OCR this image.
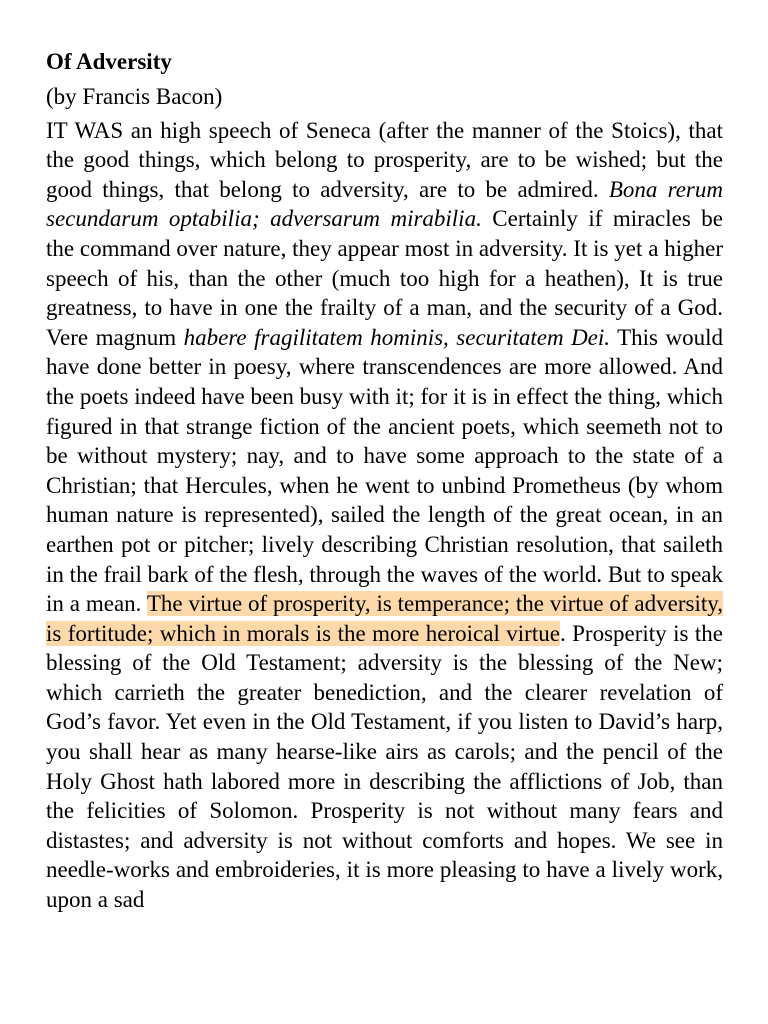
Of Adversity

(by Francis Bacon)

IT WAS an high speech of Seneca (after the manner of the Stoics), that the good things, which belong to prosperity, are to be wished; but the good things, that belong to adversity, are to be admired. Bona rerum secundarum optabilia; adversarum mirabilia. Certainly if miracles be the command over nature, they appear most in adversity. It is yet a higher speech of his, than the other (much too high for a heathen), It is true greatness, to have in one the frailty of a man, and the security of a God. Vere magnum habere fragilitatem hominis, securitatem Dei. This would have done better in poesy, where transcendences are more allowed. And the poets indeed have been busy with it; for it is in effect the thing, which figured in that strange fiction of the ancient poets, which seemeth not to be without mystery; nay, and to have some approach to the state of a Christian; that Hercules, when he went to unbind Prometheus (by whom human nature is represented), sailed the length of the great ocean, in an earthen pot or pitcher; lively describing Christian resolution, that saileth in the frail bark of the flesh, through the waves of the world. But to speak in a mean. The virtue of prosperity, is temperance; the virtue of adversity, is fortitude; which in morals is the more heroical virtue. Prosperity is the blessing of the Old Testament; adversity is the blessing of the New; which carrieth the greater benediction, and the clearer revelation of God’s favor. Yet even in the Old Testament, if you listen to David’s harp, you shall hear as many hearse-like airs as carols; and the pencil of the Holy Ghost hath labored more in describing the afflictions of Job, than the felicities of Solomon. Prosperity is not without many fears and distastes; and adversity is not without comforts and hopes. We see in needle-works and embroideries, it is more pleasing to have a lively work, upon a sad
